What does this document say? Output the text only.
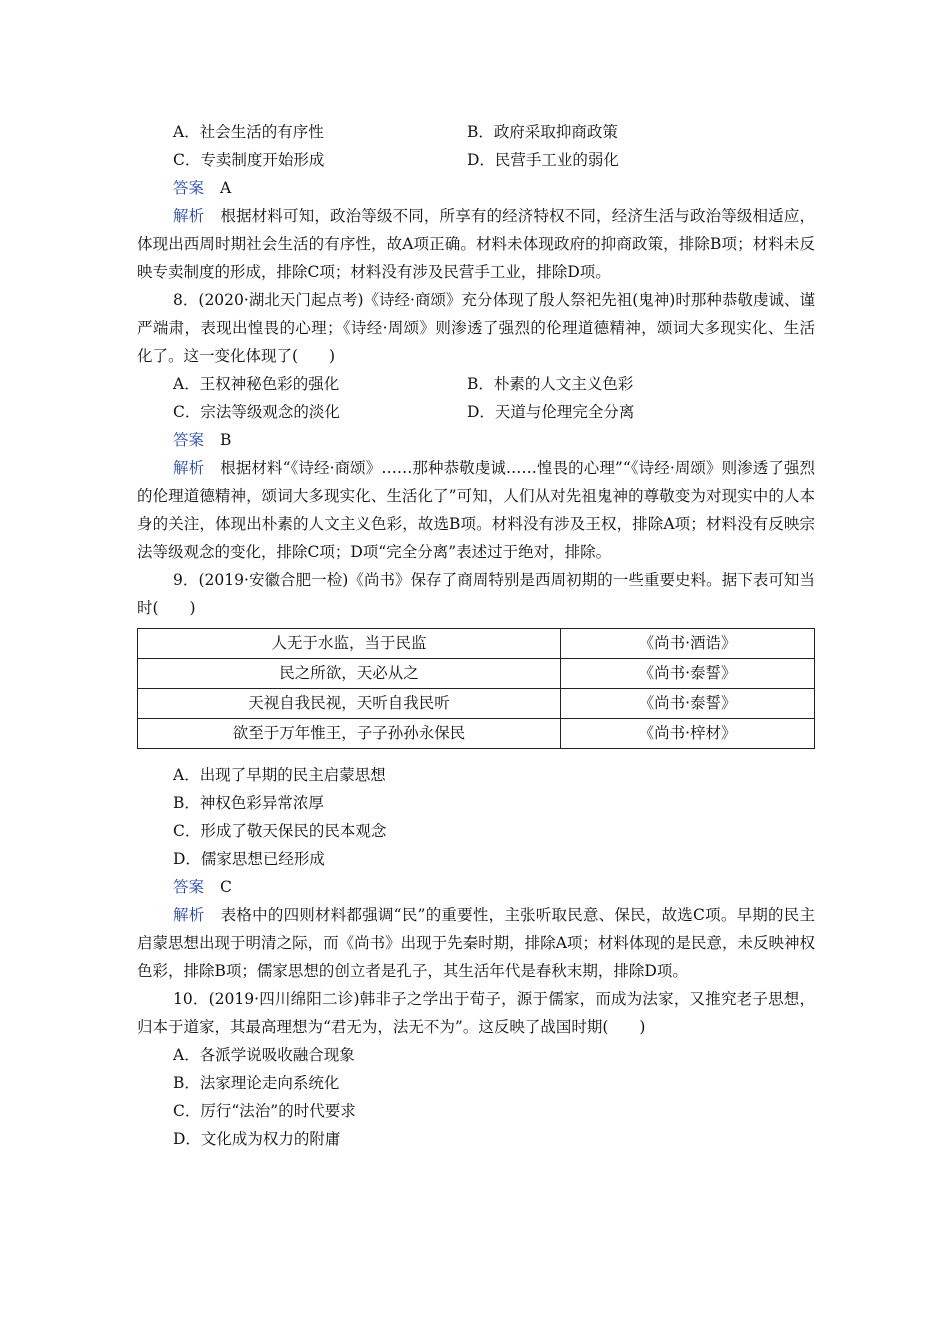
A．社会生活的有序性	B．政府采取抑商政策
C．专卖制度开始形成	D．民营手工业的弱化
答案 A
解析 根据材料可知，政治等级不同，所享有的经济特权不同，经济生活与政治等级相适应，体现出西周时期社会生活的有序性，故A项正确。材料未体现政府的抑商政策，排除B项；材料未反映专卖制度的形成，排除C项；材料没有涉及民营手工业，排除D项。
8．(2020·湖北天门起点考)《诗经·商颂》充分体现了殷人祭祀先祖(鬼神)时那种恭敬虔诚、谨严端肃，表现出惶畏的心理；《诗经·周颂》则渗透了强烈的伦理道德精神，颂词大多现实化、生活化了。这一变化体现了(　　)
A．王权神秘色彩的强化	B．朴素的人文主义色彩
C．宗法等级观念的淡化	D．天道与伦理完全分离
答案 B
解析 根据材料“《诗经·商颂》……那种恭敬虔诚……惶畏的心理”“《诗经·周颂》则渗透了强烈的伦理道德精神，颂词大多现实化、生活化了”可知，人们从对先祖鬼神的尊敬变为对现实中的人本身的关注，体现出朴素的人文主义色彩，故选B项。材料没有涉及王权，排除A项；材料没有反映宗法等级观念的变化，排除C项；D项“完全分离”表述过于绝对，排除。
9．(2019·安徽合肥一检)《尚书》保存了商周特别是西周初期的一些重要史料。据下表可知当时(　　)
人无于水监，当于民监	《尚书·酒诰》
民之所欲，天必从之	《尚书·泰誓》
天视自我民视，天听自我民听	《尚书·泰誓》
欲至于万年惟王，子子孙孙永保民	《尚书·梓材》
A．出现了早期的民主启蒙思想
B．神权色彩异常浓厚
C．形成了敬天保民的民本观念
D．儒家思想已经形成
答案 C
解析 表格中的四则材料都强调“民”的重要性，主张听取民意、保民，故选C项。早期的民主启蒙思想出现于明清之际，而《尚书》出现于先秦时期，排除A项；材料体现的是民意，未反映神权色彩，排除B项；儒家思想的创立者是孔子，其生活年代是春秋末期，排除D项。
10．(2019·四川绵阳二诊)韩非子之学出于荀子，源于儒家，而成为法家，又推究老子思想，归本于道家，其最高理想为“君无为，法无不为”。这反映了战国时期(　　)
A．各派学说吸收融合现象
B．法家理论走向系统化
C．厉行“法治”的时代要求
D．文化成为权力的附庸
